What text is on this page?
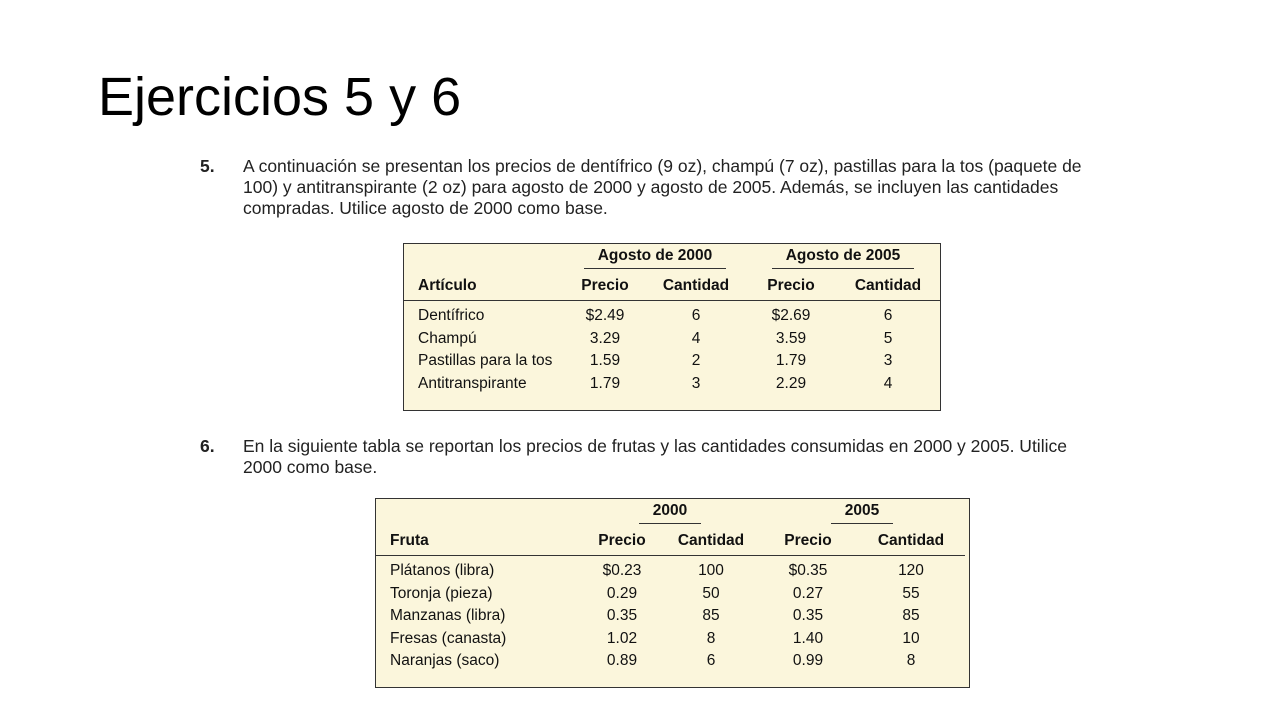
Ejercicios 5 y 6
5. A continuación se presentan los precios de dentífrico (9 oz), champú (7 oz), pastillas para la tos (paquete de 100) y antitranspirante (2 oz) para agosto de 2000 y agosto de 2005. Además, se incluyen las cantidades compradas. Utilice agosto de 2000 como base.
	Agosto de 2000		Agosto de 2005	
Artículo	Precio	Cantidad	Precio	Cantidad
Dentífrico	$2.49	6	$2.69	6
Champú	3.29	4	3.59	5
Pastillas para la tos	1.59	2	1.79	3
Antitranspirante	1.79	3	2.29	4
6. En la siguiente tabla se reportan los precios de frutas y las cantidades consumidas en 2000 y 2005. Utilice 2000 como base.
	2000		2005	
Fruta	Precio	Cantidad	Precio	Cantidad
Plátanos (libra)	$0.23	100	$0.35	120
Toronja (pieza)	0.29	50	0.27	55
Manzanas (libra)	0.35	85	0.35	85
Fresas (canasta)	1.02	8	1.40	10
Naranjas (saco)	0.89	6	0.99	8
